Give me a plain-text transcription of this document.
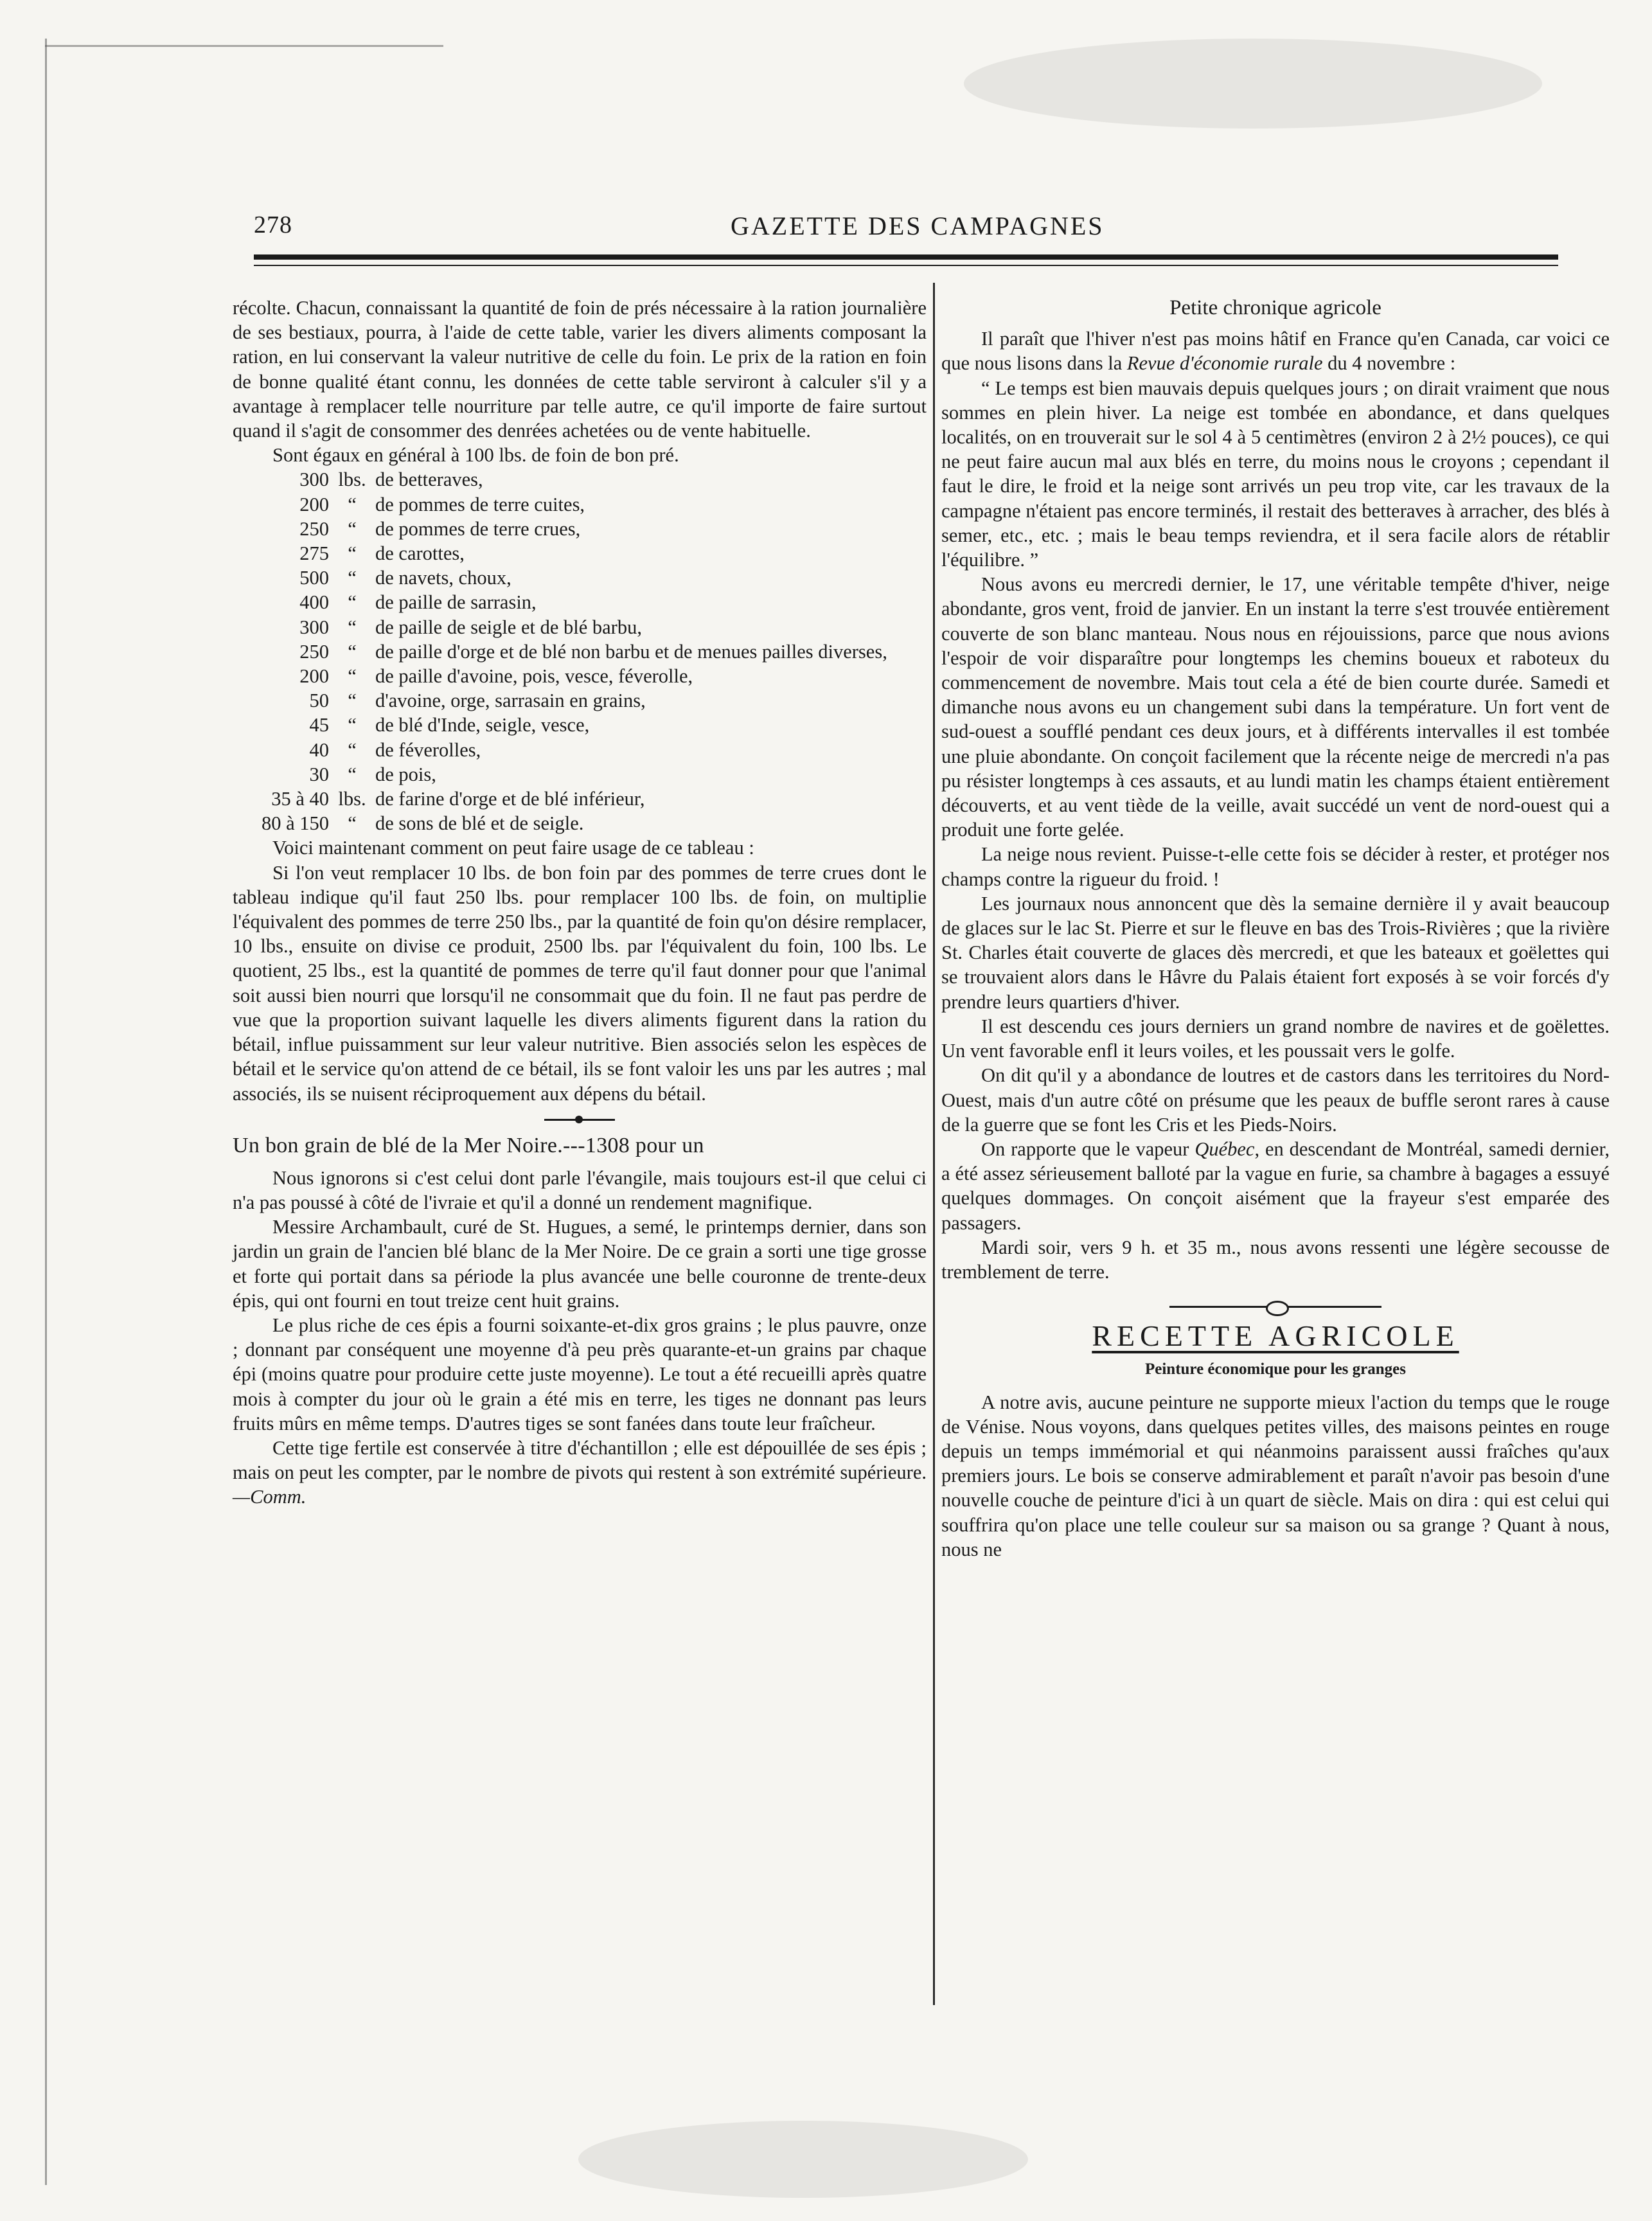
278	GAZETTE DES CAMPAGNES

récolte. Chacun, connaissant la quantité de foin de prés nécessaire à la ration journalière de ses bestiaux, pourra, à l'aide de cette table, varier les divers aliments composant la ration, en lui conservant la valeur nutritive de celle du foin. Le prix de la ration en foin de bonne qualité étant connu, les données de cette table serviront à calculer s'il y a avantage à remplacer telle nourriture par telle autre, ce qu'il importe de faire surtout quand il s'agit de consommer des denrées achetées ou de vente habituelle.

Sont égaux en général à 100 lbs. de foin de bon pré.

300 lbs. de betteraves,
200 “ de pommes de terre cuites,
250 “ de pommes de terre crues,
275 “ de carottes,
500 “ de navets, choux,
400 “ de paille de sarrasin,
300 “ de paille de seigle et de blé barbu,
250 “ de paille d'orge et de blé non barbu et de menues pailles diverses,
200 “ de paille d'avoine, pois, vesce, féverolle,
50 “ d'avoine, orge, sarrasain en grains,
45 “ de blé d'Inde, seigle, vesce,
40 “ de féverolles,
30 “ de pois,
35 à 40 lbs. de farine d'orge et de blé inférieur,
80 à 150 “ de sons de blé et de seigle.

Voici maintenant comment on peut faire usage de ce tableau :

Si l'on veut remplacer 10 lbs. de bon foin par des pommes de terre crues dont le tableau indique qu'il faut 250 lbs. pour remplacer 100 lbs. de foin, on multiplie l'équivalent des pommes de terre 250 lbs., par la quantité de foin qu'on désire remplacer, 10 lbs., ensuite on divise ce produit, 2500 lbs. par l'équivalent du foin, 100 lbs. Le quotient, 25 lbs., est la quantité de pommes de terre qu'il faut donner pour que l'animal soit aussi bien nourri que lorsqu'il ne consommait que du foin. Il ne faut pas perdre de vue que la proportion suivant laquelle les divers aliments figurent dans la ration du bétail, influe puissamment sur leur valeur nutritive. Bien associés selon les espèces de bétail et le service qu'on attend de ce bétail, ils se font valoir les uns par les autres ; mal associés, ils se nuisent réciproquement aux dépens du bétail.

Un bon grain de blé de la Mer Noire.---1308 pour un

Nous ignorons si c'est celui dont parle l'évangile, mais toujours est-il que celui ci n'a pas poussé à côté de l'ivraie et qu'il a donné un rendement magnifique.

Messire Archambault, curé de St. Hugues, a semé, le printemps dernier, dans son jardin un grain de l'ancien blé blanc de la Mer Noire. De ce grain a sorti une tige grosse et forte qui portait dans sa période la plus avancée une belle couronne de trente-deux épis, qui ont fourni en tout treize cent huit grains.

Le plus riche de ces épis a fourni soixante-et-dix gros grains ; le plus pauvre, onze ; donnant par conséquent une moyenne d'à peu près quarante-et-un grains par chaque épi (moins quatre pour produire cette juste moyenne). Le tout a été recueilli après quatre mois à compter du jour où le grain a été mis en terre, les tiges ne donnant pas leurs fruits mûrs en même temps. D'autres tiges se sont fanées dans toute leur fraîcheur.

Cette tige fertile est conservée à titre d'échantillon ; elle est dépouillée de ses épis ; mais on peut les compter, par le nombre de pivots qui restent à son extrémité supérieure.—Comm.

Petite chronique agricole

Il paraît que l'hiver n'est pas moins hâtif en France qu'en Canada, car voici ce que nous lisons dans la Revue d'économie rurale du 4 novembre :

“ Le temps est bien mauvais depuis quelques jours ; on dirait vraiment que nous sommes en plein hiver. La neige est tombée en abondance, et dans quelques localités, on en trouverait sur le sol 4 à 5 centimètres (environ 2 à 2½ pouces), ce qui ne peut faire aucun mal aux blés en terre, du moins nous le croyons ; cependant il faut le dire, le froid et la neige sont arrivés un peu trop vite, car les travaux de la campagne n'étaient pas encore terminés, il restait des betteraves à arracher, des blés à semer, etc., etc. ; mais le beau temps reviendra, et il sera facile alors de rétablir l'équilibre. ”

Nous avons eu mercredi dernier, le 17, une véritable tempête d'hiver, neige abondante, gros vent, froid de janvier. En un instant la terre s'est trouvée entièrement couverte de son blanc manteau. Nous nous en réjouissions, parce que nous avions l'espoir de voir disparaître pour longtemps les chemins boueux et raboteux du commencement de novembre. Mais tout cela a été de bien courte durée. Samedi et dimanche nous avons eu un changement subi dans la température. Un fort vent de sud-ouest a soufflé pendant ces deux jours, et à différents intervalles il est tombée une pluie abondante. On conçoit facilement que la récente neige de mercredi n'a pas pu résister longtemps à ces assauts, et au lundi matin les champs étaient entièrement découverts, et au vent tiède de la veille, avait succédé un vent de nord-ouest qui a produit une forte gelée.

La neige nous revient. Puisse-t-elle cette fois se décider à rester, et protéger nos champs contre la rigueur du froid. !

Les journaux nous annoncent que dès la semaine dernière il y avait beaucoup de glaces sur le lac St. Pierre et sur le fleuve en bas des Trois-Rivières ; que la rivière St. Charles était couverte de glaces dès mercredi, et que les bateaux et goëlettes qui se trouvaient alors dans le Hâvre du Palais étaient fort exposés à se voir forcés d'y prendre leurs quartiers d'hiver.

Il est descendu ces jours derniers un grand nombre de navires et de goëlettes. Un vent favorable enfl it leurs voiles, et les poussait vers le golfe.

On dit qu'il y a abondance de loutres et de castors dans les territoires du Nord-Ouest, mais d'un autre côté on présume que les peaux de buffle seront rares à cause de la guerre que se font les Cris et les Pieds-Noirs.

On rapporte que le vapeur Québec, en descendant de Montréal, samedi dernier, a été assez sérieusement balloté par la vague en furie, sa chambre à bagages a essuyé quelques dommages. On conçoit aisément que la frayeur s'est emparée des passagers.

Mardi soir, vers 9 h. et 35 m., nous avons ressenti une légère secousse de tremblement de terre.

RECETTE AGRICOLE

Peinture économique pour les granges

A notre avis, aucune peinture ne supporte mieux l'action du temps que le rouge de Vénise. Nous voyons, dans quelques petites villes, des maisons peintes en rouge depuis un temps immémorial et qui néanmoins paraissent aussi fraîches qu'aux premiers jours. Le bois se conserve admirablement et paraît n'avoir pas besoin d'une nouvelle couche de peinture d'ici à un quart de siècle. Mais on dira : qui est celui qui souffrira qu'on place une telle couleur sur sa maison ou sa grange ? Quant à nous, nous ne
